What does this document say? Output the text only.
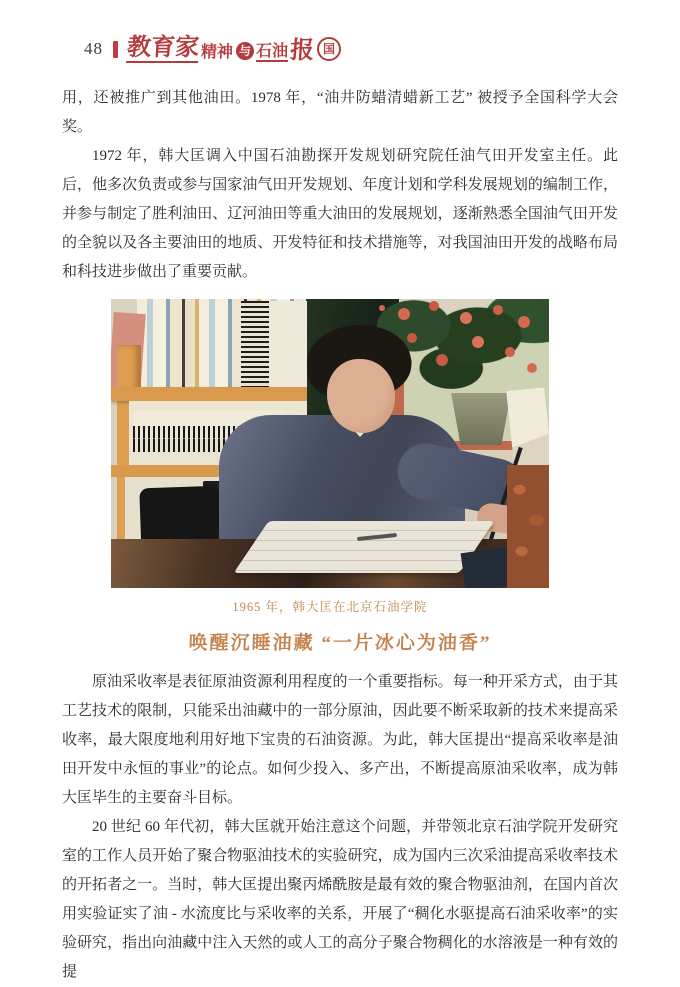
48 教育家 精神 与 石油 报 国

用，还被推广到其他油田。1978 年，“油井防蜡清蜡新工艺” 被授予全国科学大会奖。

1972 年，韩大匡调入中国石油勘探开发规划研究院任油气田开发室主任。此后，他多次负责或参与国家油气田开发规划、年度计划和学科发展规划的编制工作，并参与制定了胜利油田、辽河油田等重大油田的发展规划，逐渐熟悉全国油气田开发的全貌以及各主要油田的地质、开发特征和技术措施等，对我国油田开发的战略布局和科技进步做出了重要贡献。

1965 年，韩大匡在北京石油学院
唤醒沉睡油藏 “一片冰心为油香”

原油采收率是表征原油资源利用程度的一个重要指标。每一种开采方式，由于其工艺技术的限制，只能采出油藏中的一部分原油，因此要不断采取新的技术来提高采收率，最大限度地利用好地下宝贵的石油资源。为此，韩大匡提出“提高采收率是油田开发中永恒的事业”的论点。如何少投入、多产出，不断提高原油采收率，成为韩大匡毕生的主要奋斗目标。

20 世纪 60 年代初，韩大匡就开始注意这个问题，并带领北京石油学院开发研究室的工作人员开始了聚合物驱油技术的实验研究，成为国内三次采油提高采收率技术的开拓者之一。当时，韩大匡提出聚丙烯酰胺是最有效的聚合物驱油剂，在国内首次用实验证实了油 - 水流度比与采收率的关系，开展了“稠化水驱提高石油采收率”的实验研究，指出向油藏中注入天然的或人工的高分子聚合物稠化的水溶液是一种有效的提
